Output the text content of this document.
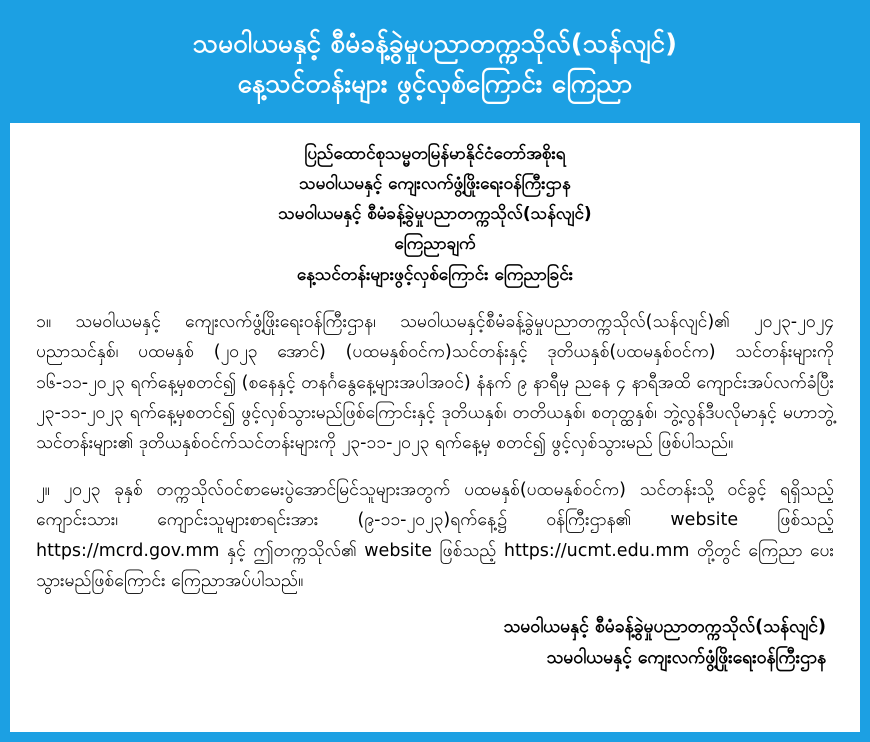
သမဝါယမနှင့် စီမံခန့်ခွဲမှုပညာတက္ကသိုလ်(သန်လျင်)
နေ့သင်တန်းများ ဖွင့်လှစ်ကြောင်း ကြေညာ
ပြည်ထောင်စုသမ္မတမြန်မာနိုင်ငံတော်အစိုးရ
သမဝါယမနှင့် ကျေးလက်ဖွံ့ဖြိုးရေးဝန်ကြီးဌာန
သမဝါယမနှင့် စီမံခန့်ခွဲမှုပညာတက္ကသိုလ်(သန်လျင်)
ကြေညာချက်
နေ့သင်တန်းများဖွင့်လှစ်ကြောင်း ကြေညာခြင်း

၁။ သမဝါယမနှင့် ကျေးလက်ဖွံ့ဖြိုးရေးဝန်ကြီးဌာန၊ သမဝါယမနှင့်စီမံခန့်ခွဲမှုပညာတက္ကသိုလ်(သန်လျင်)၏ ၂၀၂၃-၂၀၂၄ ပညာသင်နှစ်၊ ပထမနှစ် (၂၀၂၃ အောင်) (ပထမနှစ်ဝင်က)သင်တန်းနှင့် ဒုတိယနှစ်(ပထမနှစ်ဝင်က) သင်တန်းများကို ၁၆-၁၁-၂၀၂၃ ရက်နေ့မှစတင်၍ (စနေနှင့် တနင်္ဂနွေနေ့များအပါအဝင်) နံနက် ၉ နာရီမှ ညနေ ၄ နာရီအထိ ကျောင်းအပ်လက်ခံပြီး ၂၃-၁၁-၂၀၂၃ ရက်နေ့မှစတင်၍ ဖွင့်လှစ်သွားမည်ဖြစ်ကြောင်းနှင့် ဒုတိယနှစ်၊ တတိယနှစ်၊ စတုတ္ထနှစ်၊ ဘွဲ့လွန်ဒီပလိုမာနှင့် မဟာဘွဲ့သင်တန်းများ၏ ဒုတိယနှစ်ဝင်က်သင်တန်းများကို ၂၃-၁၁-၂၀၂၃ ရက်နေ့မှ စတင်၍ ဖွင့်လှစ်သွားမည် ဖြစ်ပါသည်။

၂။ ၂၀၂၃ ခုနှစ် တက္ကသိုလ်ဝင်စာမေးပွဲအောင်မြင်သူများအတွက် ပထမနှစ်(ပထမနှစ်ဝင်က) သင်တန်းသို့ ဝင်ခွင့် ရရှိသည့် ကျောင်းသား၊ ကျောင်းသူများစာရင်းအား (၉-၁၁-၂၀၂၃)ရက်နေ့၌ ဝန်ကြီးဌာန၏ website ဖြစ်သည့် https://mcrd.gov.mm နှင့် ဤတက္ကသိုလ်၏ website ဖြစ်သည့် https://ucmt.edu.mm တို့တွင် ကြေညာ ပေးသွားမည်ဖြစ်ကြောင်း ကြေညာအပ်ပါသည်။

သမဝါယမနှင့် စီမံခန့်ခွဲမှုပညာတက္ကသိုလ်(သန်လျင်)
သမဝါယမနှင့် ကျေးလက်ဖွံ့ဖြိုးရေးဝန်ကြီးဌာန
